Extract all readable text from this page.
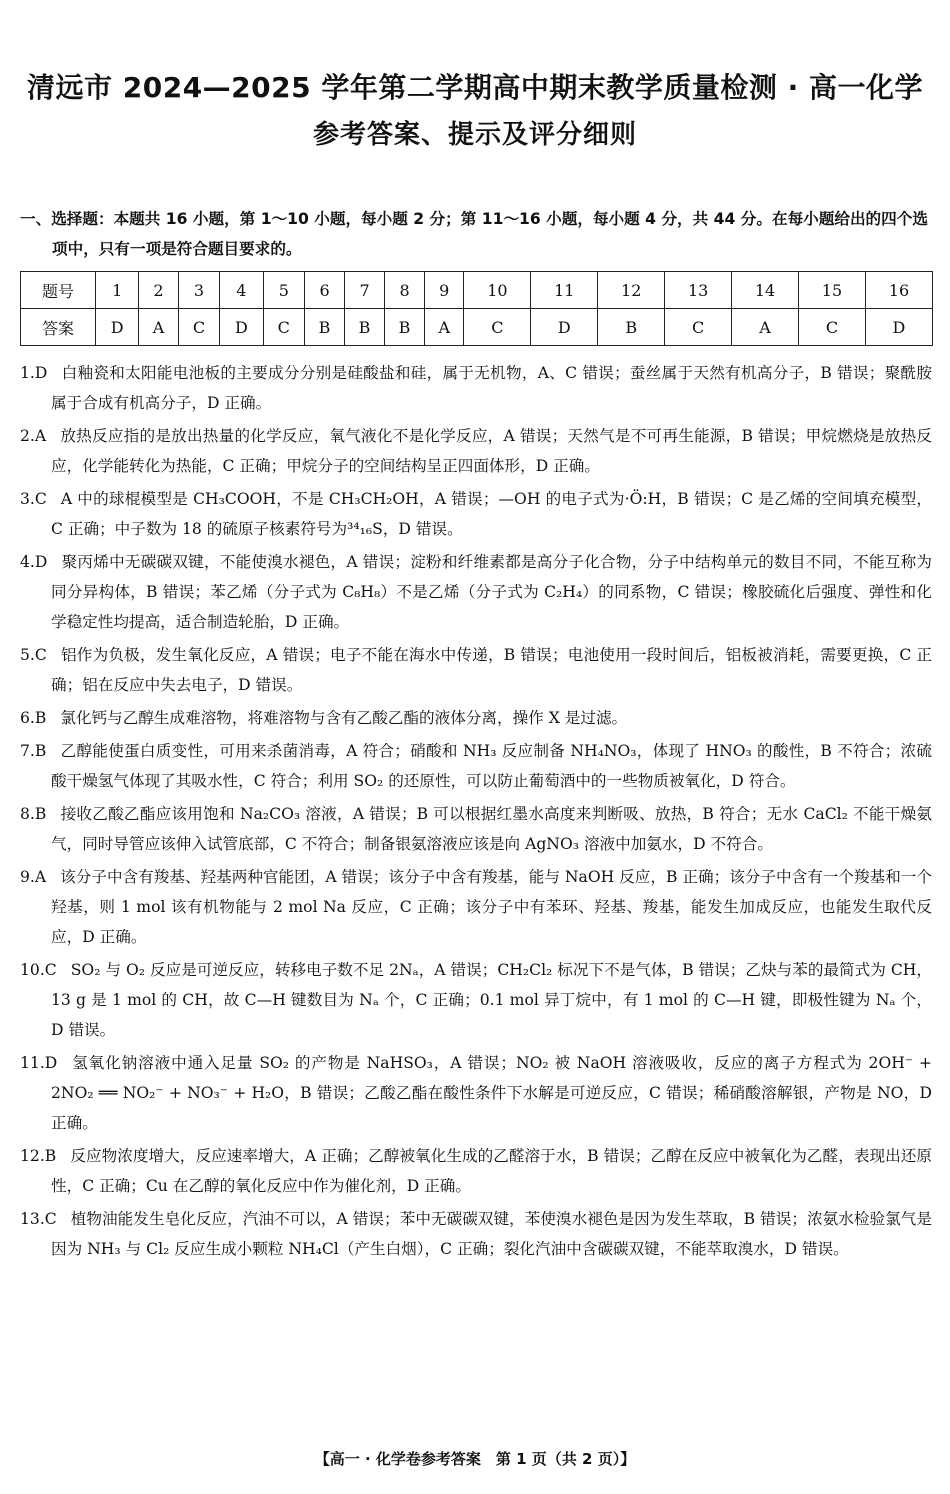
清远市 2024—2025 学年第二学期高中期末教学质量检测 · 高一化学
参考答案、提示及评分细则
一、选择题：本题共 16 小题，第 1～10 小题，每小题 2 分；第 11～16 小题，每小题 4 分，共 44 分。在每小题给出的四个选项中，只有一项是符合题目要求的。
题号	1	2	3	4	5	6	7	8	9	10	11	12	13	14	15	16
答案	D	A	C	D	C	B	B	B	A	C	D	B	C	A	C	D
1.D 白釉瓷和太阳能电池板的主要成分分别是硅酸盐和硅，属于无机物，A、C 错误；蚕丝属于天然有机高分子，B 错误；聚酰胺属于合成有机高分子，D 正确。
2.A 放热反应指的是放出热量的化学反应，氧气液化不是化学反应，A 错误；天然气是不可再生能源，B 错误；甲烷燃烧是放热反应，化学能转化为热能，C 正确；甲烷分子的空间结构呈正四面体形，D 正确。
3.C A 中的球棍模型是 CH₃COOH，不是 CH₃CH₂OH，A 错误；—OH 的电子式为·Ö:H，B 错误；C 是乙烯的空间填充模型，C 正确；中子数为 18 的硫原子核素符号为³⁴₁₆S，D 错误。
4.D 聚丙烯中无碳碳双键，不能使溴水褪色，A 错误；淀粉和纤维素都是高分子化合物，分子中结构单元的数目不同，不能互称为同分异构体，B 错误；苯乙烯（分子式为 C₈H₈）不是乙烯（分子式为 C₂H₄）的同系物，C 错误；橡胶硫化后强度、弹性和化学稳定性均提高，适合制造轮胎，D 正确。
5.C 铝作为负极，发生氧化反应，A 错误；电子不能在海水中传递，B 错误；电池使用一段时间后，铝板被消耗，需要更换，C 正确；铝在反应中失去电子，D 错误。
6.B 氯化钙与乙醇生成难溶物，将难溶物与含有乙酸乙酯的液体分离，操作 X 是过滤。
7.B 乙醇能使蛋白质变性，可用来杀菌消毒，A 符合；硝酸和 NH₃ 反应制备 NH₄NO₃，体现了 HNO₃ 的酸性，B 不符合；浓硫酸干燥氢气体现了其吸水性，C 符合；利用 SO₂ 的还原性，可以防止葡萄酒中的一些物质被氧化，D 符合。
8.B 接收乙酸乙酯应该用饱和 Na₂CO₃ 溶液，A 错误；B 可以根据红墨水高度来判断吸、放热，B 符合；无水 CaCl₂ 不能干燥氨气，同时导管应该伸入试管底部，C 不符合；制备银氨溶液应该是向 AgNO₃ 溶液中加氨水，D 不符合。
9.A 该分子中含有羧基、羟基两种官能团，A 错误；该分子中含有羧基，能与 NaOH 反应，B 正确；该分子中含有一个羧基和一个羟基，则 1 mol 该有机物能与 2 mol Na 反应，C 正确；该分子中有苯环、羟基、羧基，能发生加成反应，也能发生取代反应，D 正确。
10.C SO₂ 与 O₂ 反应是可逆反应，转移电子数不足 2Nₐ，A 错误；CH₂Cl₂ 标况下不是气体，B 错误；乙炔与苯的最简式为 CH，13 g 是 1 mol 的 CH，故 C—H 键数目为 Nₐ 个，C 正确；0.1 mol 异丁烷中，有 1 mol 的 C—H 键，即极性键为 Nₐ 个，D 错误。
11.D 氢氧化钠溶液中通入足量 SO₂ 的产物是 NaHSO₃，A 错误；NO₂ 被 NaOH 溶液吸收，反应的离子方程式为 2OH⁻ + 2NO₂ ══ NO₂⁻ + NO₃⁻ + H₂O，B 错误；乙酸乙酯在酸性条件下水解是可逆反应，C 错误；稀硝酸溶解银，产物是 NO，D 正确。
12.B 反应物浓度增大，反应速率增大，A 正确；乙醇被氧化生成的乙醛溶于水，B 错误；乙醇在反应中被氧化为乙醛，表现出还原性，C 正确；Cu 在乙醇的氧化反应中作为催化剂，D 正确。
13.C 植物油能发生皂化反应，汽油不可以，A 错误；苯中无碳碳双键，苯使溴水褪色是因为发生萃取，B 错误；浓氨水检验氯气是因为 NH₃ 与 Cl₂ 反应生成小颗粒 NH₄Cl（产生白烟），C 正确；裂化汽油中含碳碳双键，不能萃取溴水，D 错误。
【高一 · 化学卷参考答案　第 1 页（共 2 页）】
